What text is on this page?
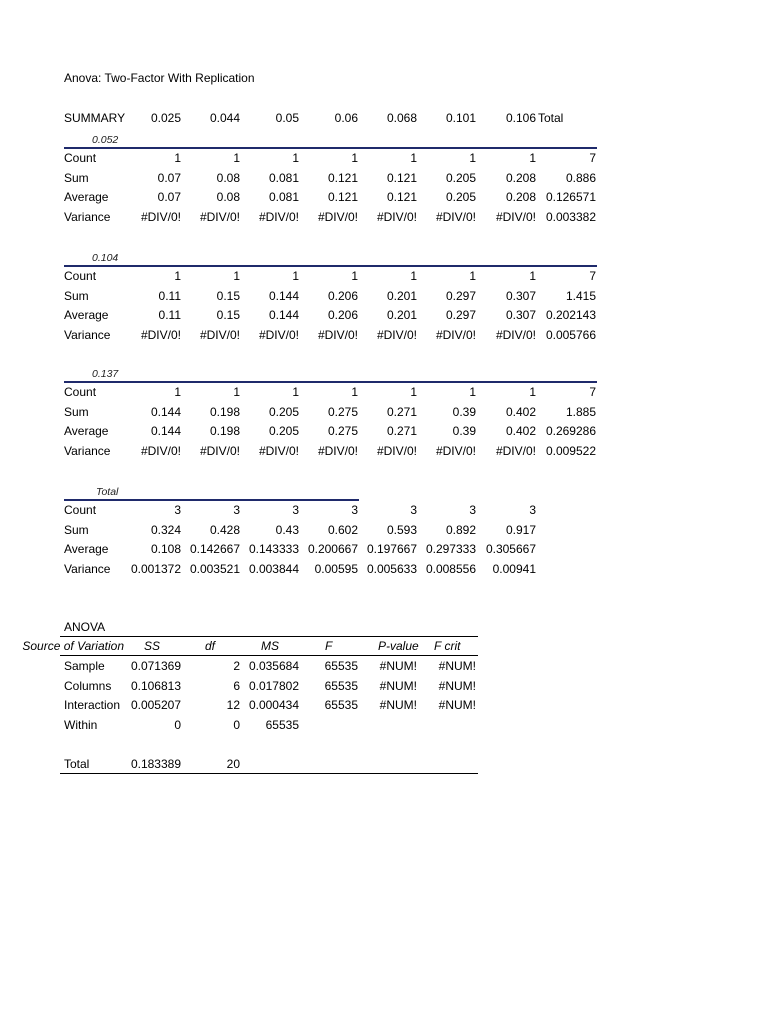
Anova: Two-Factor With Replication
SUMMARY	0.025	0.044	0.05	0.06	0.068	0.101	0.106 Total
0.052
Count	1	1	1	1	1	1	1	7
Sum	0.07	0.08	0.081	0.121	0.121	0.205	0.208	0.886
Average	0.07	0.08	0.081	0.121	0.121	0.205	0.208 0.126571
Variance	#DIV/0!	#DIV/0!	#DIV/0!	#DIV/0!	#DIV/0!	#DIV/0!	#DIV/0! 0.003382
0.104
Count	1	1	1	1	1	1	1	7
Sum	0.11	0.15	0.144	0.206	0.201	0.297	0.307	1.415
Average	0.11	0.15	0.144	0.206	0.201	0.297	0.307 0.202143
Variance	#DIV/0!	#DIV/0!	#DIV/0!	#DIV/0!	#DIV/0!	#DIV/0!	#DIV/0! 0.005766
0.137
Count	1	1	1	1	1	1	1	7
Sum	0.144	0.198	0.205	0.275	0.271	0.39	0.402	1.885
Average	0.144	0.198	0.205	0.275	0.271	0.39	0.402 0.269286
Variance	#DIV/0!	#DIV/0!	#DIV/0!	#DIV/0!	#DIV/0!	#DIV/0!	#DIV/0! 0.009522
Total
Count	3	3	3	3	3	3	3
Sum	0.324	0.428	0.43	0.602	0.593	0.892	0.917
Average	0.108 0.142667 0.143333 0.200667 0.197667 0.297333 0.305667
Variance	0.001372 0.003521 0.003844	0.00595 0.005633 0.008556	0.00941
ANOVA
Source of Variation SS	df	MS	F	P-value	F crit
Sample	0.071369	2 0.035684	65535	#NUM!	#NUM!
Columns	0.106813	6 0.017802	65535	#NUM!	#NUM!
Interaction 0.005207	12 0.000434	65535	#NUM!	#NUM!
Within	0	0	65535
Total	0.183389	20
